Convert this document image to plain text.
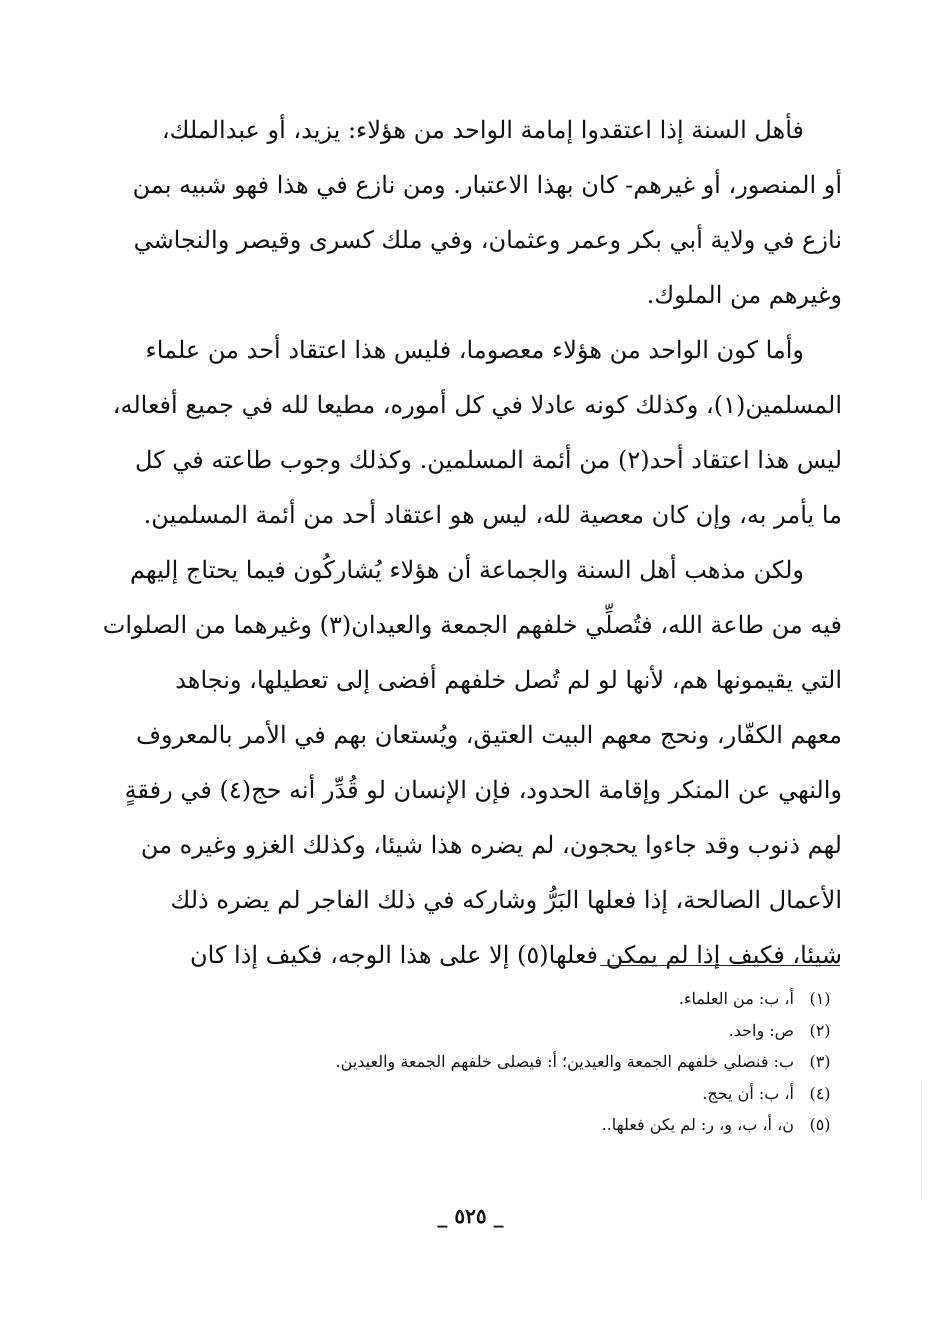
فأهل السنة إذا اعتقدوا إمامة الواحد من هؤلاء: يزيد، أو عبدالملك،
أو المنصور، أو غيرهم- كان بهذا الاعتبار. ومن نازع في هذا فهو شبيه بمن
نازع في ولاية أبي بكر وعمر وعثمان، وفي ملك كسرى وقيصر والنجاشي
وغيرهم من الملوك.
وأما كون الواحد من هؤلاء معصوما، فليس هذا اعتقاد أحد من علماء
المسلمين(١)، وكذلك كونه عادلا في كل أموره، مطيعا لله في جميع أفعاله،
ليس هذا اعتقاد أحد(٢) من أئمة المسلمين. وكذلك وجوب طاعته في كل
ما يأمر به، وإن كان معصية لله، ليس هو اعتقاد أحد من أئمة المسلمين.
ولكن مذهب أهل السنة والجماعة أن هؤلاء يُشاركُون فيما يحتاج إليهم
فيه من طاعة الله، فتُصلِّي خلفهم الجمعة والعيدان(٣) وغيرهما من الصلوات
التي يقيمونها هم، لأنها لو لم تُصل خلفهم أفضى إلى تعطيلها، ونجاهد
معهم الكفّار، ونحج معهم البيت العتيق، ويُستعان بهم في الأمر بالمعروف
والنهي عن المنكر وإقامة الحدود، فإن الإنسان لو قُدِّر أنه حج(٤) في رفقةٍ
لهم ذنوب وقد جاءوا يحجون، لم يضره هذا شيئا، وكذلك الغزو وغيره من
الأعمال الصالحة، إذا فعلها البَرُّ وشاركه في ذلك الفاجر لم يضره ذلك
شيئا، فكيف إذا لم يمكن فعلها(٥) إلا على هذا الوجه، فكيف إذا كان
(١)
أ، ب: من العلماء.
(٢)
ص: واحد.
(٣)
ب: فنصلي خلفهم الجمعة والعيدين؛ أ: فيصلى خلفهم الجمعة والعيدين.
(٤)
أ، ب: أن يحج.
(٥)
ن، أ، ب، و، ر: لم يكن فعلها..
_ ٥٢٥ _
